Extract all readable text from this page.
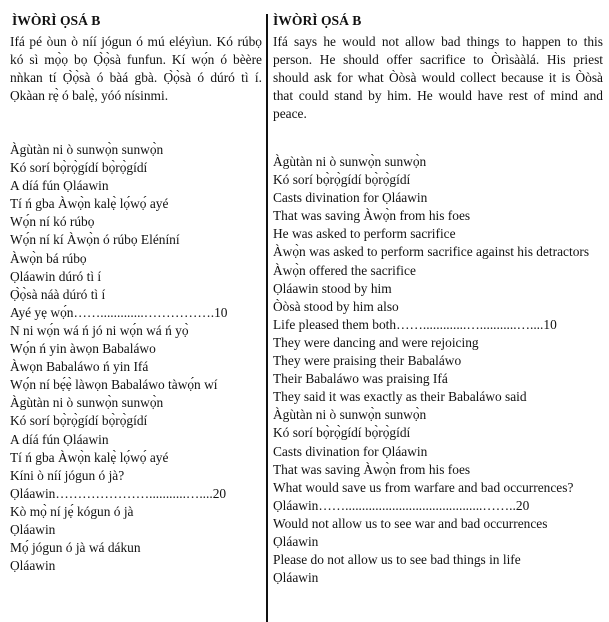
ÌWÒRÌ ỌSÁ B

Ifá pé òun ò níí jógun ó mú eléyìun. Kó rúbọ kó sì mọ̀ọ bọ Ọ̀ọ̀sà funfun. Kí wọ́n ó bèère nǹkan tí Ọ̀ọ̀sà ó bàá gbà. Ọ̀ọ̀sà ó dúró tì í. Ọkàan rẹ̀ ó balẹ̀, yóó nísinmi.

Àgùtàn ni ò sunwọ̀n sunwọ̀n
Kó sorí bọ̀rọ̀gídí bọ̀rọ̀gídí
A díá fún Ọláawin
Tí ń gba Àwọ̀n kalẹ̀ lọ́wọ́ ayé
Wọ́n ní kó rúbọ
Wọ́n ní kí Àwọ̀n ó rúbọ Eléníní
Àwọ̀n bá rúbọ
Ọláawin dúró tì í
Ọ̀ọ̀sà náà dúró tì í
Ayé yẹ wọ́n…….............…………….10
N ni wọ́n wá ń jó ni wọ́n wá ń yọ̀
Wọ́n ń yin àwọn Babaláwo
Àwọn Babaláwo ń yin Ifá
Wọ́n ní bẹ́ẹ̀ làwọn Babaláwo tàwọ́n wí
Àgùtàn ni ò sunwọ̀n sunwọ̀n
Kó sorí bọ̀rọ̀gídí bọ̀rọ̀gídí
A díá fún Ọláawin
Tí ń gba Àwọ̀n kalẹ̀ lọ́wọ́ ayé
Kíni ò níí jógun ó jà?
Ọláawin…………………...........…....20
Kò mọ̀ ní jẹ́ kógun ó jà
Ọláawin
Mọ́ jógun ó jà wá dákun
Ọláawin
ÌWÒRÌ ỌSÁ B

Ifá says he would not allow bad things to happen to this person. He should offer sacrifice to Òrìsààlá. His priest should ask for what Òòsà would collect because it is Òòsà that could stand by him. He would have rest of mind and peace.

Àgùtàn ni ò sunwọ̀n sunwọ̀n
Kó sorí bọ̀rọ̀gídí bọ̀rọ̀gídí
Casts divination for Ọláawin
That was saving Àwọ̀n from his foes
He was asked to perform sacrifice
Àwọ̀n was asked to perform sacrifice against his detractors
Àwọ̀n offered the sacrifice
Ọláawin stood by him
Òòsà stood by him also
Life pleased them both…….............…...........…....10
They were dancing and were rejoicing
They were praising their Babaláwo
Their Babaláwo was praising Ifá
They said it was exactly as their Babaláwo said
Àgùtàn ni ò sunwọ̀n sunwọ̀n
Kó sorí bọ̀rọ̀gídí bọ̀rọ̀gídí
Casts divination for Ọláawin
That was saving Àwọ̀n from his foes
What would save us from warfare and bad occurrences?
Ọláawin…….........................................……..20
Would not allow us to see war and bad occurrences
Ọláawin
Please do not allow us to see bad things in life
Ọláawin
